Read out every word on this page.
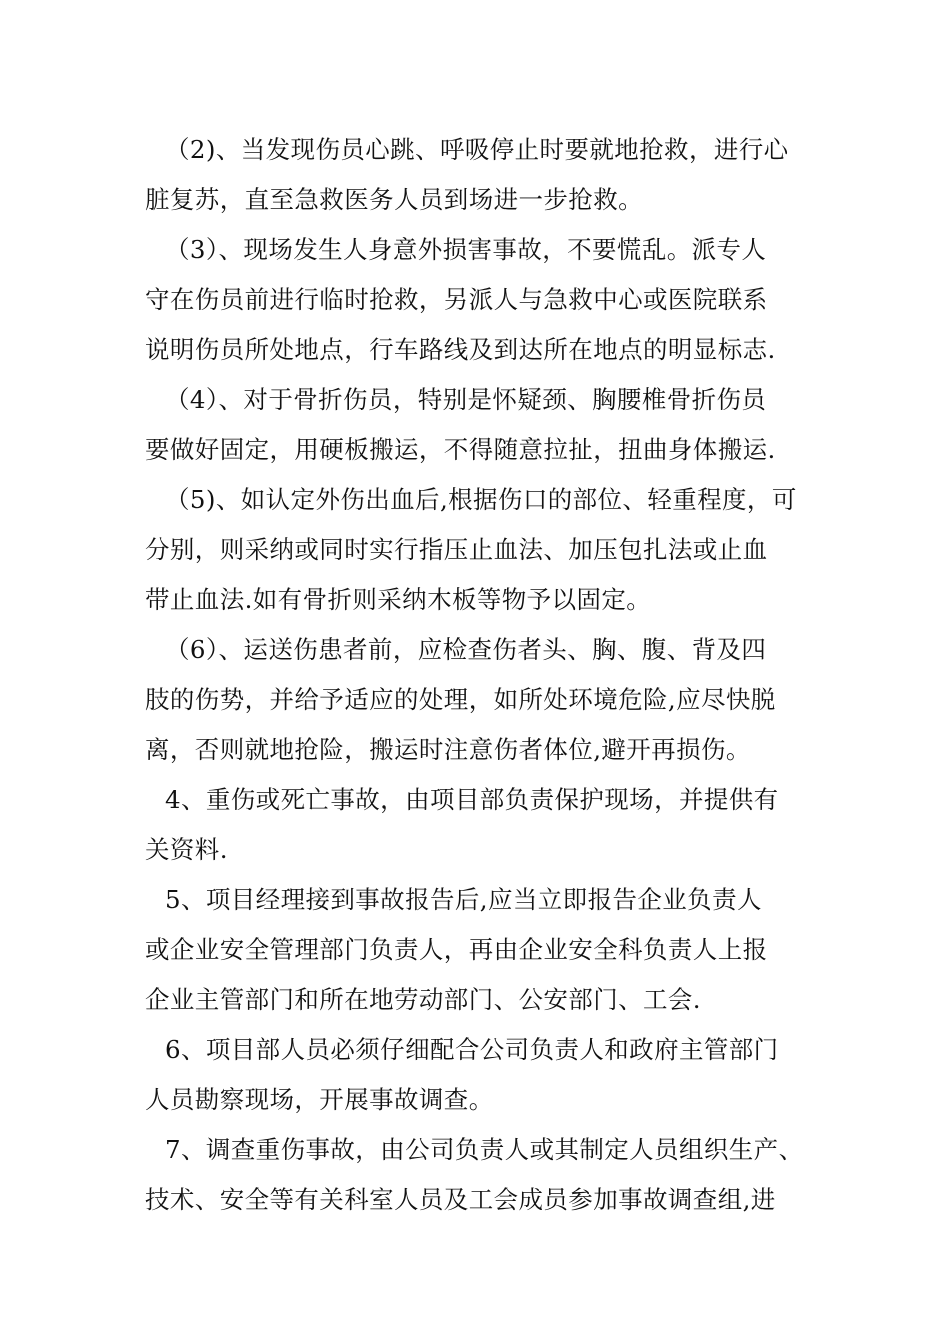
（2)、当发现伤员心跳、呼吸停止时要就地抢救，进行心
脏复苏，直至急救医务人员到场进一步抢救。
（3）、现场发生人身意外损害事故，不要慌乱。派专人
守在伤员前进行临时抢救，另派人与急救中心或医院联系
说明伤员所处地点，行车路线及到达所在地点的明显标志.
（4）、对于骨折伤员，特别是怀疑颈、胸腰椎骨折伤员
要做好固定，用硬板搬运，不得随意拉扯，扭曲身体搬运.
（5)、如认定外伤出血后,根据伤口的部位、轻重程度，可
分别，则采纳或同时实行指压止血法、加压包扎法或止血
带止血法.如有骨折则采纳木板等物予以固定。
（6）、运送伤患者前，应检查伤者头、胸、腹、背及四
肢的伤势，并给予适应的处理，如所处环境危险,应尽快脱
离，否则就地抢险，搬运时注意伤者体位,避开再损伤。
4、重伤或死亡事故，由项目部负责保护现场，并提供有
关资料.
5、项目经理接到事故报告后,应当立即报告企业负责人
或企业安全管理部门负责人，再由企业安全科负责人上报
企业主管部门和所在地劳动部门、公安部门、工会.
6、项目部人员必须仔细配合公司负责人和政府主管部门
人员勘察现场，开展事故调查。
7、调查重伤事故，由公司负责人或其制定人员组织生产、
技术、安全等有关科室人员及工会成员参加事故调查组,进
